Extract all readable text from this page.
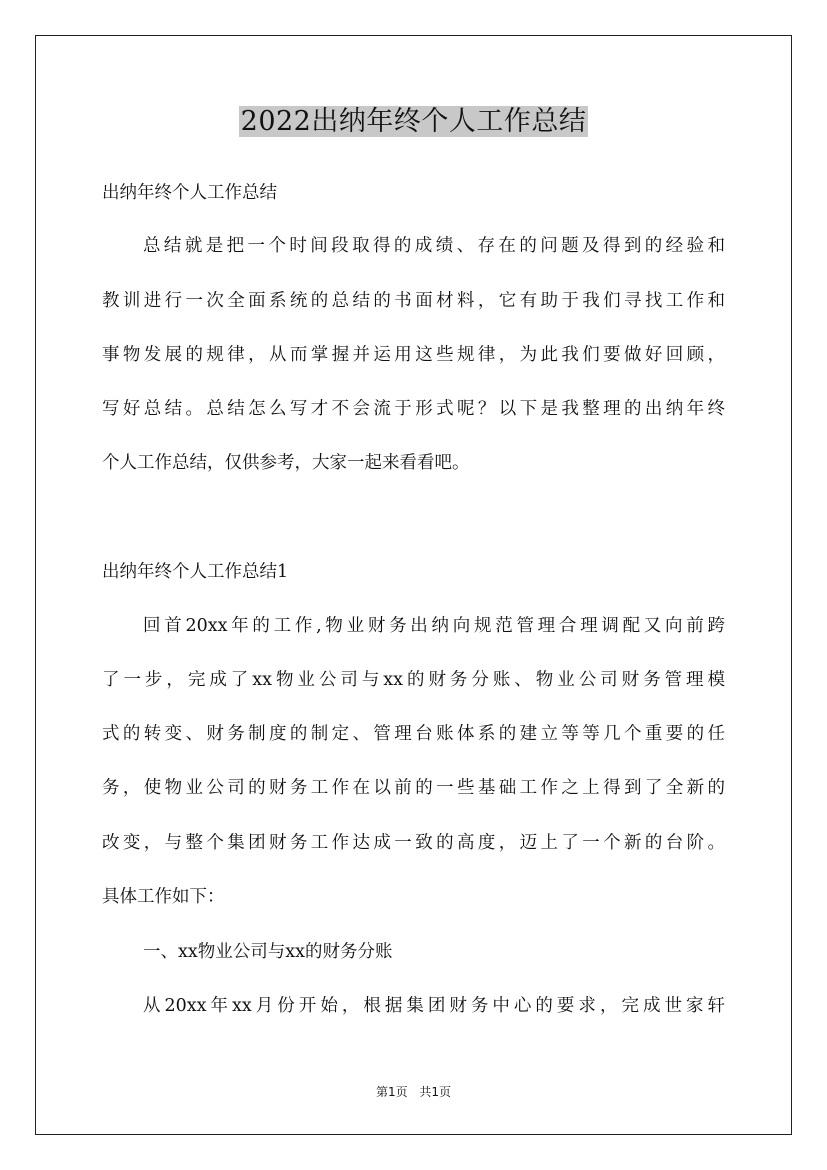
2022出纳年终个人工作总结
出纳年终个人工作总结
总结就是把一个时间段取得的成绩、存在的问题及得到的经验和
教训进行一次全面系统的总结的书面材料，它有助于我们寻找工作和
事物发展的规律，从而掌握并运用这些规律，为此我们要做好回顾，
写好总结。总结怎么写才不会流于形式呢？以下是我整理的出纳年终
个人工作总结，仅供参考，大家一起来看看吧。
出纳年终个人工作总结1
回首20xx年的工作,物业财务出纳向规范管理合理调配又向前跨
了一步，完成了xx物业公司与xx的财务分账、物业公司财务管理模
式的转变、财务制度的制定、管理台账体系的建立等等几个重要的任
务，使物业公司的财务工作在以前的一些基础工作之上得到了全新的
改变，与整个集团财务工作达成一致的高度，迈上了一个新的台阶。
具体工作如下：
一、xx物业公司与xx的财务分账
从20xx年xx月份开始，根据集团财务中心的要求，完成世家轩
第1页 共1页
